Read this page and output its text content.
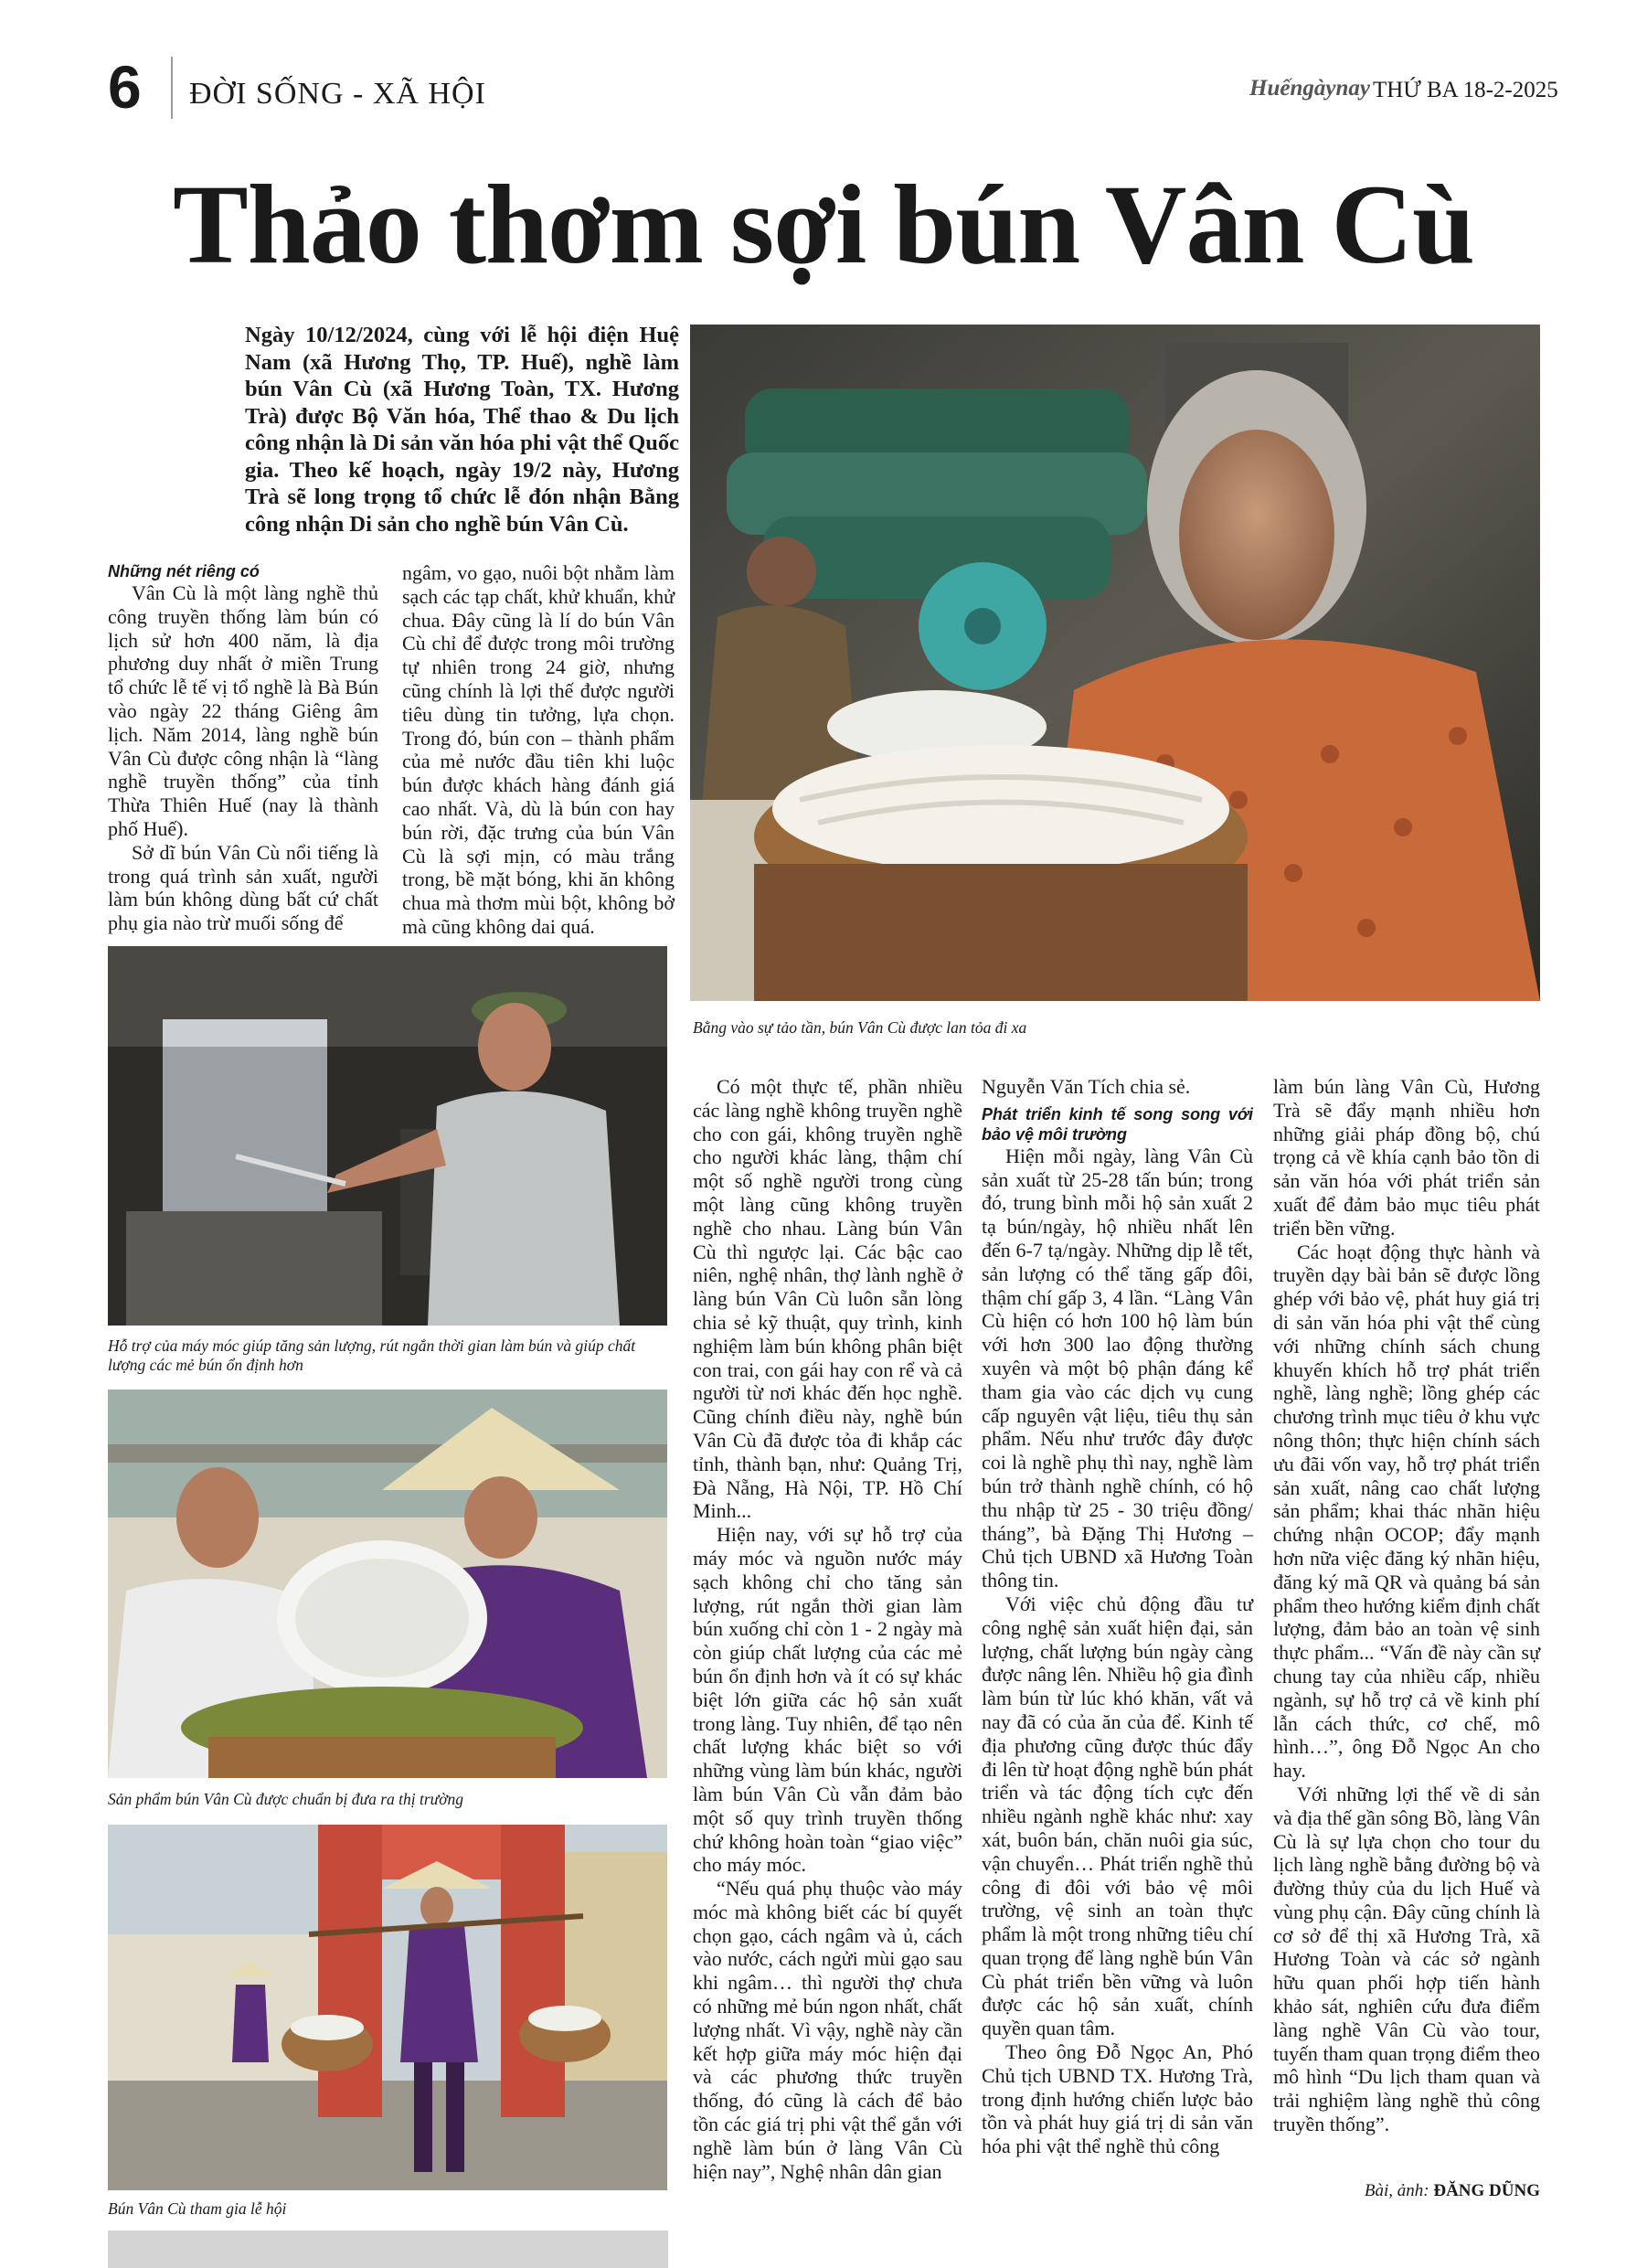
6 ĐỜI SỐNG - XÃ HỘI	Huếngàynay THỨ BA 18-2-2025
Thảo thơm sợi bún Vân Cù
Ngày 10/12/2024, cùng với lễ hội điện Huệ Nam (xã Hương Thọ, TP. Huế), nghề làm bún Vân Cù (xã Hương Toàn, TX. Hương Trà) được Bộ Văn hóa, Thể thao & Du lịch công nhận là Di sản văn hóa phi vật thể Quốc gia. Theo kế hoạch, ngày 19/2 này, Hương Trà sẽ long trọng tổ chức lễ đón nhận Bằng công nhận Di sản cho nghề bún Vân Cù.
Những nét riêng có

Vân Cù là một làng nghề thủ công truyền thống làm bún có lịch sử hơn 400 năm, là địa phương duy nhất ở miền Trung tổ chức lễ tế vị tổ nghề là Bà Bún vào ngày 22 tháng Giêng âm lịch. Năm 2014, làng nghề bún Vân Cù được công nhận là “làng nghề truyền thống” của tỉnh Thừa Thiên Huế (nay là thành phố Huế).

Sở dĩ bún Vân Cù nổi tiếng là trong quá trình sản xuất, người làm bún không dùng bất cứ chất phụ gia nào trừ muối sống để

ngâm, vo gạo, nuôi bột nhằm làm sạch các tạp chất, khử khuẩn, khử chua. Đây cũng là lí do bún Vân Cù chỉ để được trong môi trường tự nhiên trong 24 giờ, nhưng cũng chính là lợi thế được người tiêu dùng tin tưởng, lựa chọn. Trong đó, bún con – thành phẩm của mẻ nước đầu tiên khi luộc bún được khách hàng đánh giá cao nhất. Và, dù là bún con hay bún rời, đặc trưng của bún Vân Cù là sợi mịn, có màu trắng trong, bề mặt bóng, khi ăn không chua mà thơm mùi bột, không bở mà cũng không dai quá.

Bằng vào sự tảo tần, bún Vân Cù được lan tỏa đi xa
Hỗ trợ của máy móc giúp tăng sản lượng, rút ngắn thời gian làm bún và giúp chất lượng các mẻ bún ổn định hơn
Sản phẩm bún Vân Cù được chuẩn bị đưa ra thị trường
Bún Vân Cù tham gia lễ hội

Có một thực tế, phần nhiều các làng nghề không truyền nghề cho con gái, không truyền nghề cho người khác làng, thậm chí một số nghề người trong cùng một làng cũng không truyền nghề cho nhau. Làng bún Vân Cù thì ngược lại. Các bậc cao niên, nghệ nhân, thợ lành nghề ở làng bún Vân Cù luôn sẵn lòng chia sẻ kỹ thuật, quy trình, kinh nghiệm làm bún không phân biệt con trai, con gái hay con rể và cả người từ nơi khác đến học nghề. Cũng chính điều này, nghề bún Vân Cù đã được tỏa đi khắp các tỉnh, thành bạn, như: Quảng Trị, Đà Nẵng, Hà Nội, TP. Hồ Chí Minh...

Hiện nay, với sự hỗ trợ của máy móc và nguồn nước máy sạch không chỉ cho tăng sản lượng, rút ngắn thời gian làm bún xuống chỉ còn 1 - 2 ngày mà còn giúp chất lượng của các mẻ bún ổn định hơn và ít có sự khác biệt lớn giữa các hộ sản xuất trong làng. Tuy nhiên, để tạo nên chất lượng khác biệt so với những vùng làm bún khác, người làm bún Vân Cù vẫn đảm bảo một số quy trình truyền thống chứ không hoàn toàn “giao việc” cho máy móc.

“Nếu quá phụ thuộc vào máy móc mà không biết các bí quyết chọn gạo, cách ngâm và ủ, cách vào nước, cách ngửi mùi gạo sau khi ngâm… thì người thợ chưa có những mẻ bún ngon nhất, chất lượng nhất. Vì vậy, nghề này cần kết hợp giữa máy móc hiện đại và các phương thức truyền thống, đó cũng là cách để bảo tồn các giá trị phi vật thể gắn với nghề làm bún ở làng Vân Cù hiện nay”, Nghệ nhân dân gian

Nguyễn Văn Tích chia sẻ.

Phát triển kinh tế song song với bảo vệ môi trường

Hiện mỗi ngày, làng Vân Cù sản xuất từ 25-28 tấn bún; trong đó, trung bình mỗi hộ sản xuất 2 tạ bún/ngày, hộ nhiều nhất lên đến 6-7 tạ/ngày. Những dịp lễ tết, sản lượng có thể tăng gấp đôi, thậm chí gấp 3, 4 lần. “Làng Vân Cù hiện có hơn 100 hộ làm bún với hơn 300 lao động thường xuyên và một bộ phận đáng kể tham gia vào các dịch vụ cung cấp nguyên vật liệu, tiêu thụ sản phẩm. Nếu như trước đây được coi là nghề phụ thì nay, nghề làm bún trở thành nghề chính, có hộ thu nhập từ 25 - 30 triệu đồng/ tháng”, bà Đặng Thị Hương – Chủ tịch UBND xã Hương Toàn thông tin.

Với việc chủ động đầu tư công nghệ sản xuất hiện đại, sản lượng, chất lượng bún ngày càng được nâng lên. Nhiều hộ gia đình làm bún từ lúc khó khăn, vất vả nay đã có của ăn của để. Kinh tế địa phương cũng được thúc đẩy đi lên từ hoạt động nghề bún phát triển và tác động tích cực đến nhiều ngành nghề khác như: xay xát, buôn bán, chăn nuôi gia súc, vận chuyển… Phát triển nghề thủ công đi đôi với bảo vệ môi trường, vệ sinh an toàn thực phẩm là một trong những tiêu chí quan trọng để làng nghề bún Vân Cù phát triển bền vững và luôn được các hộ sản xuất, chính quyền quan tâm.

Theo ông Đỗ Ngọc An, Phó Chủ tịch UBND TX. Hương Trà, trong định hướng chiến lược bảo tồn và phát huy giá trị di sản văn hóa phi vật thể nghề thủ công

làm bún làng Vân Cù, Hương Trà sẽ đẩy mạnh nhiều hơn những giải pháp đồng bộ, chú trọng cả về khía cạnh bảo tồn di sản văn hóa với phát triển sản xuất để đảm bảo mục tiêu phát triển bền vững.

Các hoạt động thực hành và truyền dạy bài bản sẽ được lồng ghép với bảo vệ, phát huy giá trị di sản văn hóa phi vật thể cùng với những chính sách chung khuyến khích hỗ trợ phát triển nghề, làng nghề; lồng ghép các chương trình mục tiêu ở khu vực nông thôn; thực hiện chính sách ưu đãi vốn vay, hỗ trợ phát triển sản xuất, nâng cao chất lượng sản phẩm; khai thác nhãn hiệu chứng nhận OCOP; đẩy mạnh hơn nữa việc đăng ký nhãn hiệu, đăng ký mã QR và quảng bá sản phẩm theo hướng kiểm định chất lượng, đảm bảo an toàn vệ sinh thực phẩm... “Vấn đề này cần sự chung tay của nhiều cấp, nhiều ngành, sự hỗ trợ cả về kinh phí lẫn cách thức, cơ chế, mô hình…”, ông Đỗ Ngọc An cho hay.

Với những lợi thế về di sản và địa thế gần sông Bồ, làng Vân Cù là sự lựa chọn cho tour du lịch làng nghề bằng đường bộ và đường thủy của du lịch Huế và vùng phụ cận. Đây cũng chính là cơ sở để thị xã Hương Trà, xã Hương Toàn và các sở ngành hữu quan phối hợp tiến hành khảo sát, nghiên cứu đưa điểm làng nghề Vân Cù vào tour, tuyến tham quan trọng điểm theo mô hình “Du lịch tham quan và trải nghiệm làng nghề thủ công truyền thống”.

Bài, ảnh: ĐĂNG DŨNG
